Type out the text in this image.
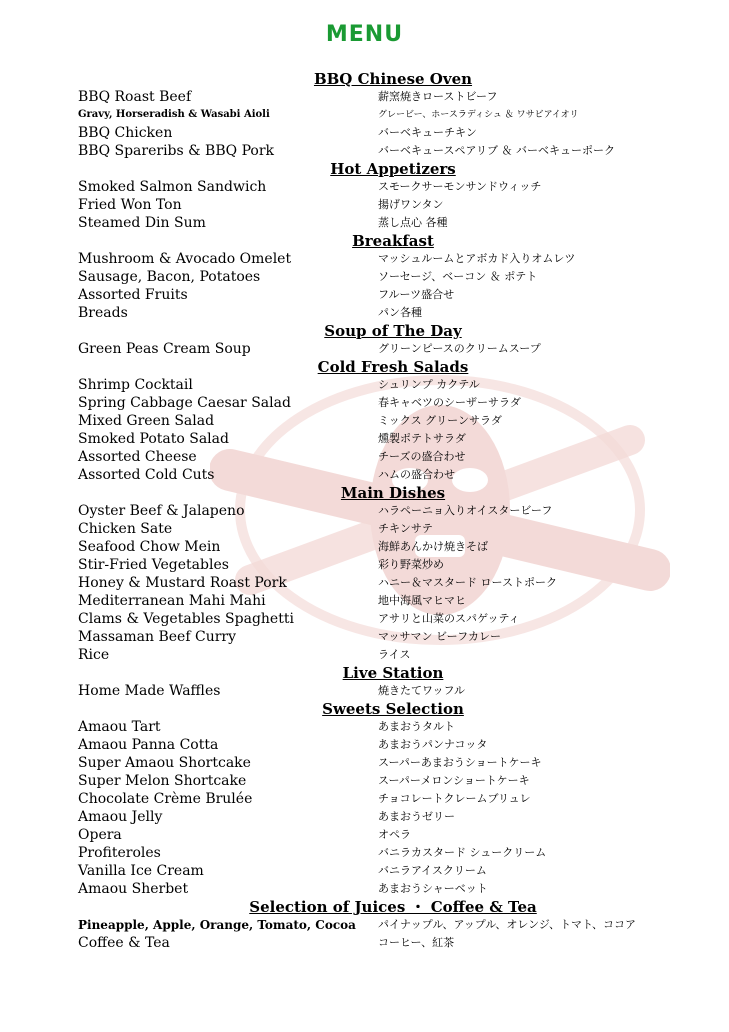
MENU
BBQ Chinese Oven
BBQ Roast Beef	薪窯焼きローストビーフ
Gravy, Horseradish & Wasabi Aioli	グレービー、ホースラディシュ ＆ ワサビアイオリ
BBQ Chicken	バーベキューチキン
BBQ Spareribs & BBQ Pork	バーベキュースペアリブ ＆ バーベキューポーク
Hot Appetizers
Smoked Salmon Sandwich	スモークサーモンサンドウィッチ
Fried Won Ton	揚げワンタン
Steamed Din Sum	蒸し点心 各種
Breakfast
Mushroom & Avocado Omelet	マッシュルームとアボカド入りオムレツ
Sausage, Bacon, Potatoes	ソーセージ、ベーコン ＆ ポテト
Assorted Fruits	フルーツ盛合せ
Breads	パン各種
Soup of The Day
Green Peas Cream Soup	グリーンピースのクリームスープ
Cold Fresh Salads
Shrimp Cocktail	シュリンプ カクテル
Spring Cabbage Caesar Salad	春キャベツのシーザーサラダ
Mixed Green Salad	ミックス グリーンサラダ
Smoked Potato Salad	燻製ポテトサラダ
Assorted Cheese	チーズの盛合わせ
Assorted Cold Cuts	ハムの盛合わせ
Main Dishes
Oyster Beef & Jalapeno	ハラペーニョ入りオイスタービーフ
Chicken Sate	チキンサテ
Seafood Chow Mein	海鮮あんかけ焼きそば
Stir-Fried Vegetables	彩り野菜炒め
Honey & Mustard Roast Pork	ハニー＆マスタード ローストポーク
Mediterranean Mahi Mahi	地中海風マヒマヒ
Clams & Vegetables Spaghetti	アサリと山菜のスパゲッティ
Massaman Beef Curry	マッサマン ビーフカレー
Rice	ライス
Live Station
Home Made Waffles	焼きたてワッフル
Sweets Selection
Amaou Tart	あまおうタルト
Amaou Panna Cotta	あまおうパンナコッタ
Super Amaou Shortcake	スーパーあまおうショートケーキ
Super Melon Shortcake	スーパーメロンショートケーキ
Chocolate Crème Brulée	チョコレートクレームブリュレ
Amaou Jelly	あまおうゼリー
Opera	オペラ
Profiteroles	バニラカスタード シュークリーム
Vanilla Ice Cream	バニラアイスクリーム
Amaou Sherbet	あまおうシャーベット
Selection of Juices ・ Coffee & Tea
Pineapple, Apple, Orange, Tomato, Cocoa パイナップル、アップル、オレンジ、トマト、ココア
Coffee & Tea	コーヒー、紅茶
